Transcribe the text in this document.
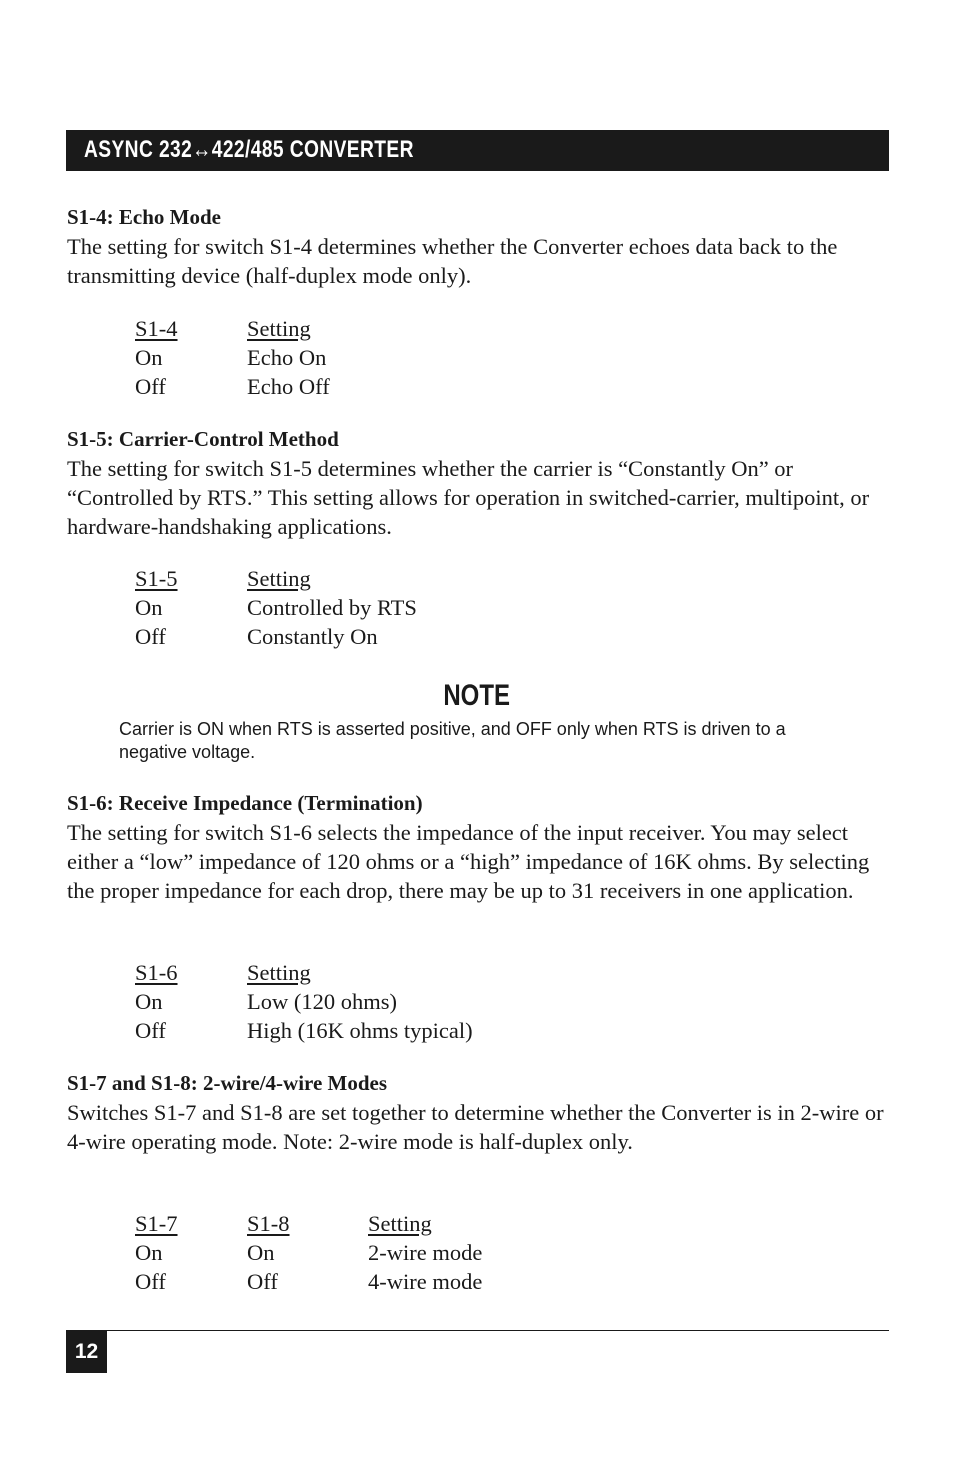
ASYNC 232↔422/485 CONVERTER

S1-4: Echo Mode

The setting for switch S1-4 determines whether the Converter echoes data back to the transmitting device (half-duplex mode only).

S1-4	Setting
On	Echo On
Off	Echo Off

S1-5: Carrier-Control Method

The setting for switch S1-5 determines whether the carrier is “Constantly On” or “Controlled by RTS.” This setting allows for operation in switched-carrier, multipoint, or hardware-handshaking applications.

S1-5	Setting
On	Controlled by RTS
Off	Constantly On
NOTE
Carrier is ON when RTS is asserted positive, and OFF only when RTS is driven to a negative voltage.

S1-6: Receive Impedance (Termination)

The setting for switch S1-6 selects the impedance of the input receiver. You may select either a “low” impedance of 120 ohms or a “high” impedance of 16K ohms. By selecting the proper impedance for each drop, there may be up to 31 receivers in one application.

S1-6	Setting
On	Low (120 ohms)
Off	High (16K ohms typical)

S1-7 and S1-8: 2-wire/4-wire Modes

Switches S1-7 and S1-8 are set together to determine whether the Converter is in 2-wire or 4-wire operating mode. Note: 2-wire mode is half-duplex only.

S1-7	S1-8	Setting
On	On	2-wire mode
Off	Off	4-wire mode
12
